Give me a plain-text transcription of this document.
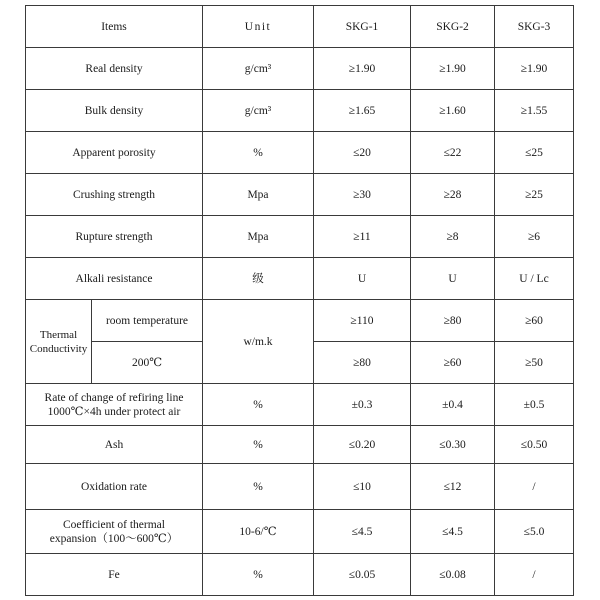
Items		Unit	SKG-1	SKG-2	SKG-3
Real density		g/cm³	≥1.90	≥1.90	≥1.90
Bulk density		g/cm³	≥1.65	≥1.60	≥1.55
Apparent porosity		%	≤20	≤22	≤25
Crushing strength		Mpa	≥30	≥28	≥25
Rupture strength		Mpa	≥11	≥8	≥6
Alkali resistance		级	U	U	U / Lc
Thermal
Conductivity	room temperature	w/m.k	≥110	≥80	≥60
	200℃		≥80	≥60	≥50
Rate of change of refiring line
1000℃×4h under protect air		%	±0.3	±0.4	±0.5
Ash		%	≤0.20	≤0.30	≤0.50
Oxidation rate		%	≤10	≤12	/
Coefficient of thermal
expansion（100～600℃）		10-6/℃	≤4.5	≤4.5	≤5.0
Fe		%	≤0.05	≤0.08	/
